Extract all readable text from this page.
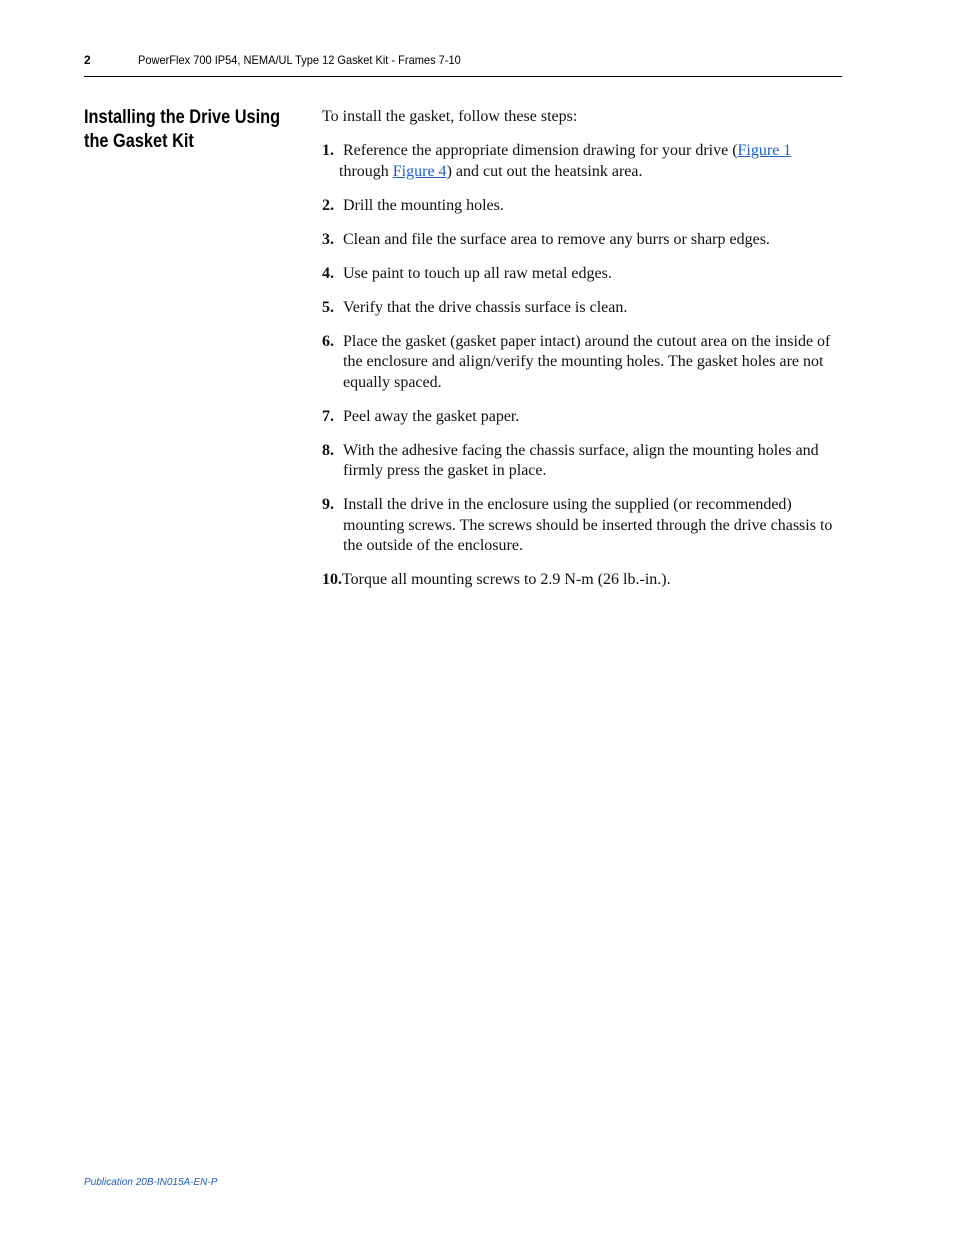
2	PowerFlex 700 IP54, NEMA/UL Type 12 Gasket Kit - Frames 7-10
Installing the Drive Using
the Gasket Kit

To install the gasket, follow these steps:

1. Reference the appropriate dimension drawing for your drive (Figure 1
through Figure 4) and cut out the heatsink area.
2. Drill the mounting holes.
3. Clean and file the surface area to remove any burrs or sharp edges.
4. Use paint to touch up all raw metal edges.
5. Verify that the drive chassis surface is clean.
6. Place the gasket (gasket paper intact) around the cutout area on the inside of the enclosure and align/verify the mounting holes. The gasket holes are not equally spaced.
7. Peel away the gasket paper.
8. With the adhesive facing the chassis surface, align the mounting holes and firmly press the gasket in place.
9. Install the drive in the enclosure using the supplied (or recommended) mounting screws. The screws should be inserted through the drive chassis to the outside of the enclosure.
10.Torque all mounting screws to 2.9 N-m (26 lb.-in.).
Publication 20B-IN015A-EN-P
